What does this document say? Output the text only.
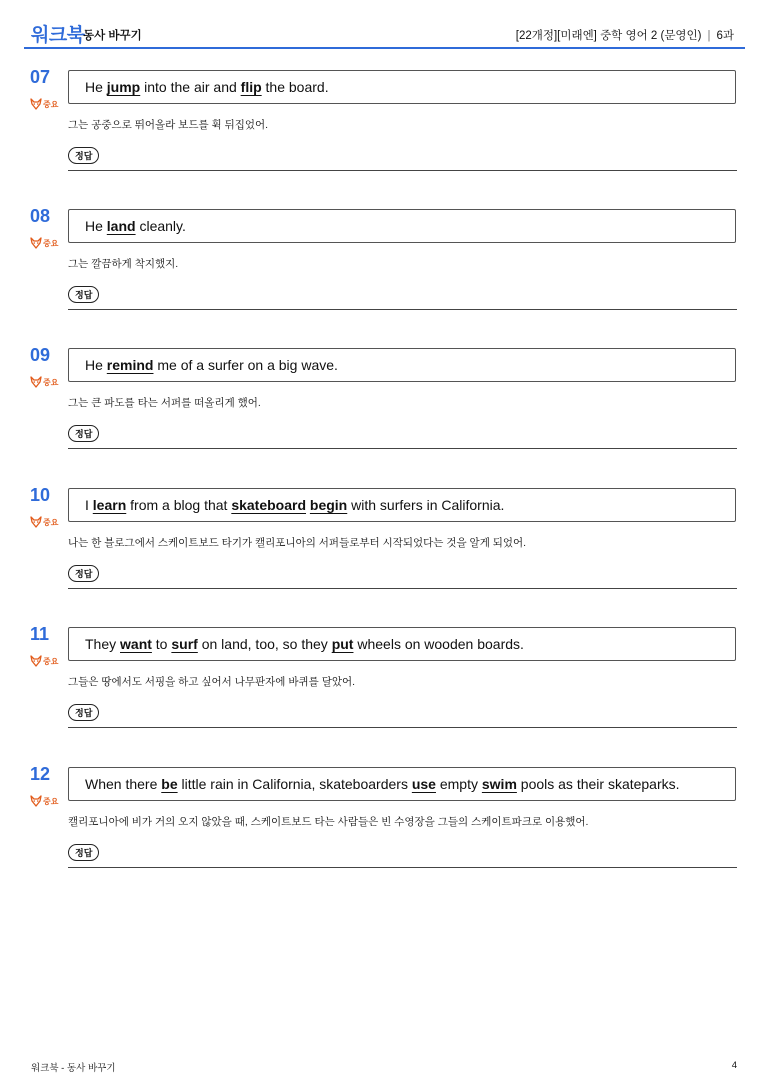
워크북
동사 바꾸기	[22개정][미래엔] 중학 영어 2 (문영인) | 6과
07
중요
He jump into the air and flip the board.
그는 공중으로 뛰어올라 보드를 휙 뒤집었어.
정답
08
중요
He land cleanly.
그는 깔끔하게 착지했지.
정답
09
중요
He remind me of a surfer on a big wave.
그는 큰 파도를 타는 서퍼를 떠올리게 했어.
정답
10
중요
I learn from a blog that skateboard
begin with surfers in California.
나는 한 블로그에서 스케이트보드 타기가 캘리포니아의 서퍼들로부터 시작되었다는 것을 알게 되었어.
정답
11
중요
They want to surf on land, too, so they put wheels on wooden boards.
그들은 땅에서도 서핑을 하고 싶어서 나무판자에 바퀴를 달았어.
정답
12
중요
When there be little rain in California, skateboarders use empty swim pools as their skateparks.
캘리포니아에 비가 거의 오지 않았을 때, 스케이트보드 타는 사람들은 빈 수영장을 그들의 스케이트파크로 이용했어.
정답
워크북 - 동사 바꾸기	4
